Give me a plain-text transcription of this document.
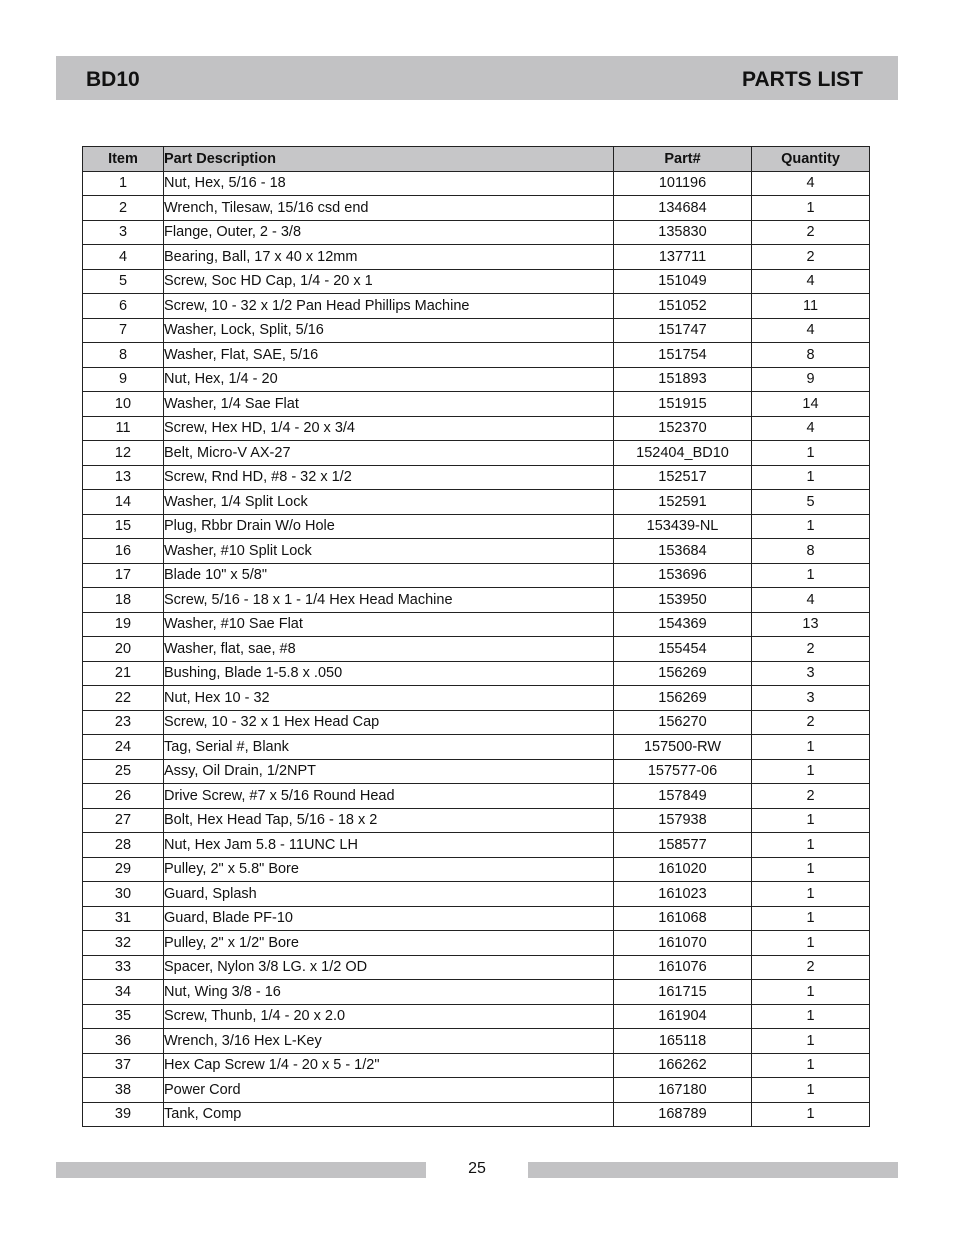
BD10	PARTS LIST
Item	Part Description	Part#	Quantity
1	Nut, Hex, 5/16 - 18	101196	4
2	Wrench, Tilesaw, 15/16 csd end	134684	1
3	Flange, Outer, 2 - 3/8	135830	2
4	Bearing, Ball, 17 x 40 x 12mm	137711	2
5	Screw, Soc HD Cap, 1/4 - 20 x 1	151049	4
6	Screw, 10 - 32 x 1/2 Pan Head Phillips Machine	151052	11
7	Washer, Lock, Split, 5/16	151747	4
8	Washer, Flat, SAE, 5/16	151754	8
9	Nut, Hex, 1/4 - 20	151893	9
10	Washer, 1/4 Sae Flat	151915	14
11	Screw, Hex HD, 1/4 - 20 x 3/4	152370	4
12	Belt, Micro-V AX-27	152404_BD10	1
13	Screw, Rnd HD, #8 - 32 x 1/2	152517	1
14	Washer, 1/4 Split Lock	152591	5
15	Plug, Rbbr Drain W/o Hole	153439-NL	1
16	Washer, #10 Split Lock	153684	8
17	Blade 10" x 5/8"	153696	1
18	Screw, 5/16 - 18 x 1 - 1/4 Hex Head Machine	153950	4
19	Washer, #10 Sae Flat	154369	13
20	Washer, flat, sae, #8	155454	2
21	Bushing, Blade 1-5.8 x .050	156269	3
22	Nut, Hex 10 - 32	156269	3
23	Screw, 10 - 32 x 1 Hex Head Cap	156270	2
24	Tag, Serial #, Blank	157500-RW	1
25	Assy, Oil Drain, 1/2NPT	157577-06	1
26	Drive Screw, #7 x 5/16 Round Head	157849	2
27	Bolt, Hex Head Tap, 5/16 - 18 x 2	157938	1
28	Nut, Hex Jam 5.8 - 11UNC LH	158577	1
29	Pulley, 2" x 5.8" Bore	161020	1
30	Guard, Splash	161023	1
31	Guard, Blade PF-10	161068	1
32	Pulley, 2" x 1/2" Bore	161070	1
33	Spacer, Nylon 3/8 LG. x 1/2 OD	161076	2
34	Nut, Wing 3/8 - 16	161715	1
35	Screw, Thunb, 1/4 - 20 x 2.0	161904	1
36	Wrench, 3/16 Hex L-Key	165118	1
37	Hex Cap Screw 1/4 - 20 x 5 - 1/2"	166262	1
38	Power Cord	167180	1
39	Tank, Comp	168789	1
25
